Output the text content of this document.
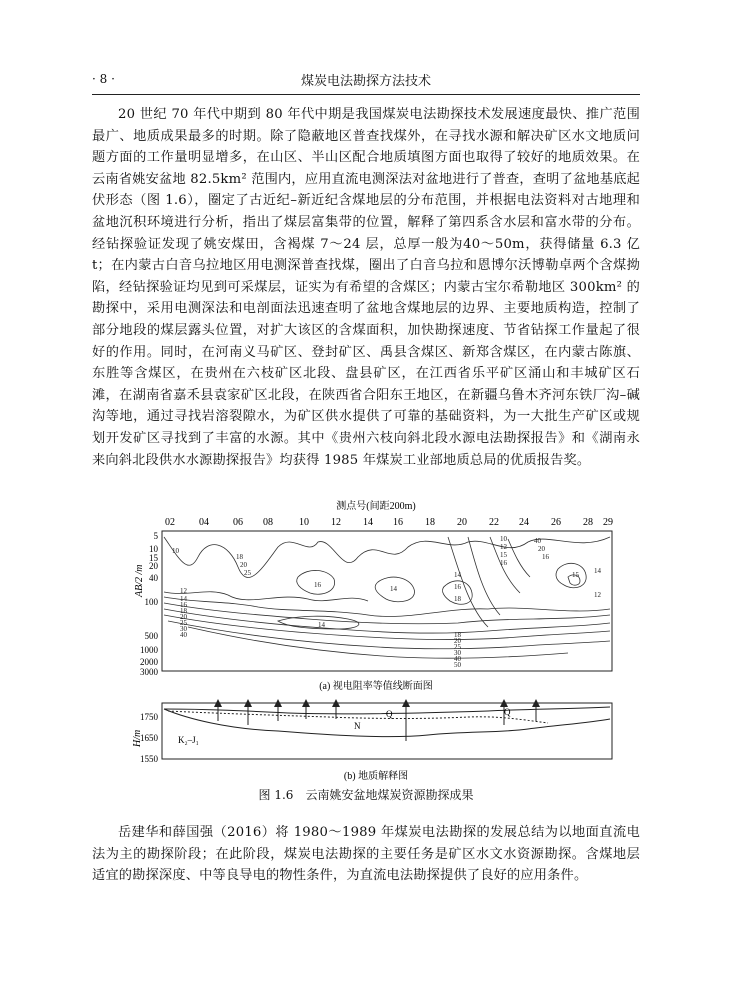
· 8 ·	煤炭电法勘探方法技术

20 世纪 70 年代中期到 80 年代中期是我国煤炭电法勘探技术发展速度最快、推广范围最广、地质成果最多的时期。除了隐蔽地区普查找煤外，在寻找水源和解决矿区水文地质问题方面的工作量明显增多，在山区、半山区配合地质填图方面也取得了较好的地质效果。在云南省姚安盆地 82.5km² 范围内，应用直流电测深法对盆地进行了普查，查明了盆地基底起伏形态（图 1.6），圈定了古近纪–新近纪含煤地层的分布范围，并根据电法资料对古地理和盆地沉积环境进行分析，指出了煤层富集带的位置，解释了第四系含水层和富水带的分布。经钻探验证发现了姚安煤田，含褐煤 7～24 层，总厚一般为40～50m，获得储量 6.3 亿 t；在内蒙古白音乌拉地区用电测深普查找煤，圈出了白音乌拉和恩博尔沃博勒卓两个含煤拗陷，经钻探验证均见到可采煤层，证实为有希望的含煤区；内蒙古宝尔希勒地区 300km² 的勘探中，采用电测深法和电剖面法迅速查明了盆地含煤地层的边界、主要地质构造，控制了部分地段的煤层露头位置，对扩大该区的含煤面积，加快勘探速度、节省钻探工作量起了很好的作用。同时，在河南义马矿区、登封矿区、禹县含煤区、新郑含煤区，在内蒙古陈旗、东胜等含煤区，在贵州在六枝矿区北段、盘县矿区，在江西省乐平矿区涌山和丰城矿区石滩，在湖南省嘉禾县袁家矿区北段，在陕西省合阳东王地区，在新疆乌鲁木齐河东铁厂沟–碱沟等地，通过寻找岩溶裂隙水，为矿区供水提供了可靠的基础资料，为一大批生产矿区或规划开发矿区寻找到了丰富的水源。其中《贵州六枝向斜北段水源电法勘探报告》和《湖南永来向斜北段供水水源勘探报告》均获得 1985 年煤炭工业部地质总局的优质报告奖。

测点号(间距200m)
02 04 06 08	10 12 14 16 18 20 22 24 26 28 29
AB/2 /m
5
10
15
20
40
100
500
1000
2000
3000
10
12
14
16
18
20
25
30
40
14
16	14
14
16
18
10
12
15
16
18
20
25
30
40
50
40
20
16
15 14
12
18
20
25
(a) 视电阻率等值线断面图
H/m
1750
1650
1550
K₂–J₁
N
Q	Q
(b) 地质解释图
图 1.6　云南姚安盆地煤炭资源勘探成果

岳建华和薛国强（2016）将 1980～1989 年煤炭电法勘探的发展总结为以地面直流电法为主的勘探阶段；在此阶段，煤炭电法勘探的主要任务是矿区水文水资源勘探。含煤地层适宜的勘探深度、中等良导电的物性条件，为直流电法勘探提供了良好的应用条件。
